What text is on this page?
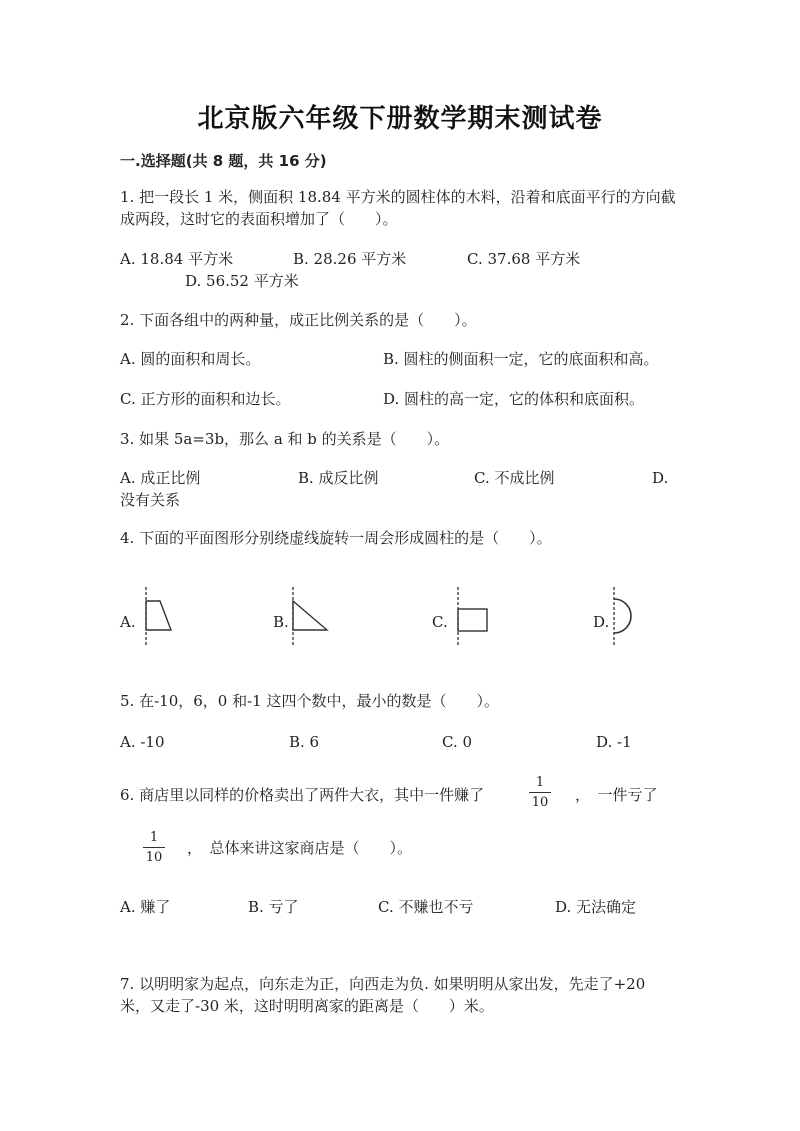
北京版六年级下册数学期末测试卷
一.选择题(共 8 题，共 16 分)
1. 把一段长 1 米，侧面积 18.84 平方米的圆柱体的木料，沿着和底面平行的方向截成两段，这时它的表面积增加了（　　）。
A. 18.84 平方米	B. 28.26 平方米	C. 37.68 平方米
D. 56.52 平方米
2. 下面各组中的两种量，成正比例关系的是（　　）。
A. 圆的面积和周长。	B. 圆柱的侧面积一定，它的底面积和高。
C. 正方形的面积和边长。	D. 圆柱的高一定，它的体积和底面积。
3. 如果 5a=3b，那么 a 和 b 的关系是（　　）。
A. 成正比例	B. 成反比例	C. 不成比例	D.
没有关系
4. 下面的平面图形分别绕虚线旋转一周会形成圆柱的是（　　）。
A.	B.	C.	D.
5. 在-10，6，0 和-1 这四个数中，最小的数是（　　）。
A. -10	B. 6	C. 0	D. -1
6. 商店里以同样的价格卖出了两件大衣，其中一件赚了
1
10	，　一件亏了
1
10
，　总体来讲这家商店是（　　）。
A. 赚了	B. 亏了	C. 不赚也不亏	D. 无法确定
7. 以明明家为起点，向东走为正，向西走为负. 如果明明从家出发，先走了+20 米，又走了-30 米，这时明明离家的距离是（　　）米。
